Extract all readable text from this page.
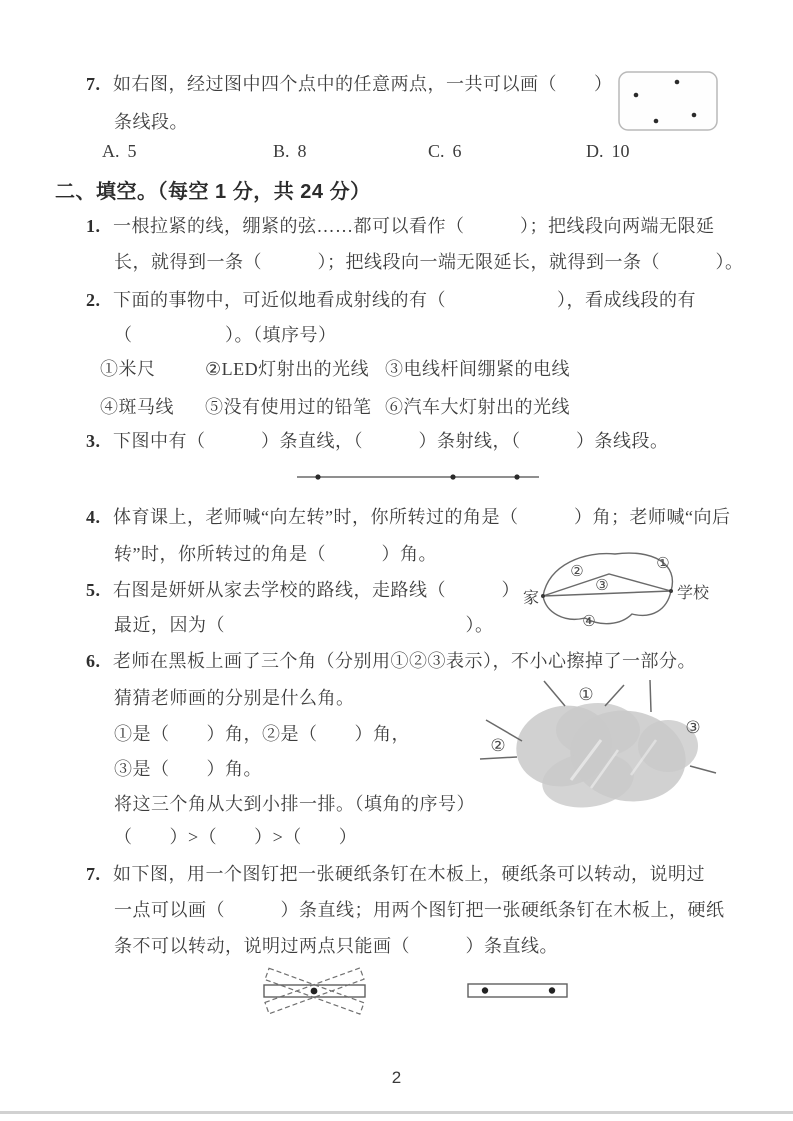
7. 如右图，经过图中四个点中的任意两点，一共可以画（　　）
条线段。
A. 5	B. 8	C. 6	D. 10
二、填空。（每空 1 分，共 24 分）
1. 一根拉紧的线，绷紧的弦……都可以看作（　　　）；把线段向两端无限延
长，就得到一条（　　　）；把线段向一端无限延长，就得到一条（　　　）。
2. 下面的事物中，可近似地看成射线的有（　　　　　　），看成线段的有
（　　　　　）。（填序号）
①米尺	②LED灯射出的光线 ③电线杆间绷紧的电线
④斑马线 ⑤没有使用过的铅笔 ⑥汽车大灯射出的光线
3. 下图中有（　　　）条直线，（　　　）条射线，（　　　）条线段。
4. 体育课上，老师喊“向左转”时，你所转过的角是（　　　）角；老师喊“向后
转”时，你所转过的角是（　　　）角。
5. 右图是妍妍从家去学校的路线，走路线（　　　）
最近，因为（　　　　　　　　　　　　　）。
①
②
③
④
家	学校
6. 老师在黑板上画了三个角（分别用①②③表示），不小心擦掉了一部分。
猜猜老师画的分别是什么角。
①是（　　）角，②是（　　）角，
③是（　　）角。
将这三个角从大到小排一排。（填角的序号）
（　　）>（　　）>（　　）
①
②
③
7. 如下图，用一个图钉把一张硬纸条钉在木板上，硬纸条可以转动，说明过
一点可以画（　　　）条直线；用两个图钉把一张硬纸条钉在木板上，硬纸
条不可以转动，说明过两点只能画（　　　）条直线。
2
